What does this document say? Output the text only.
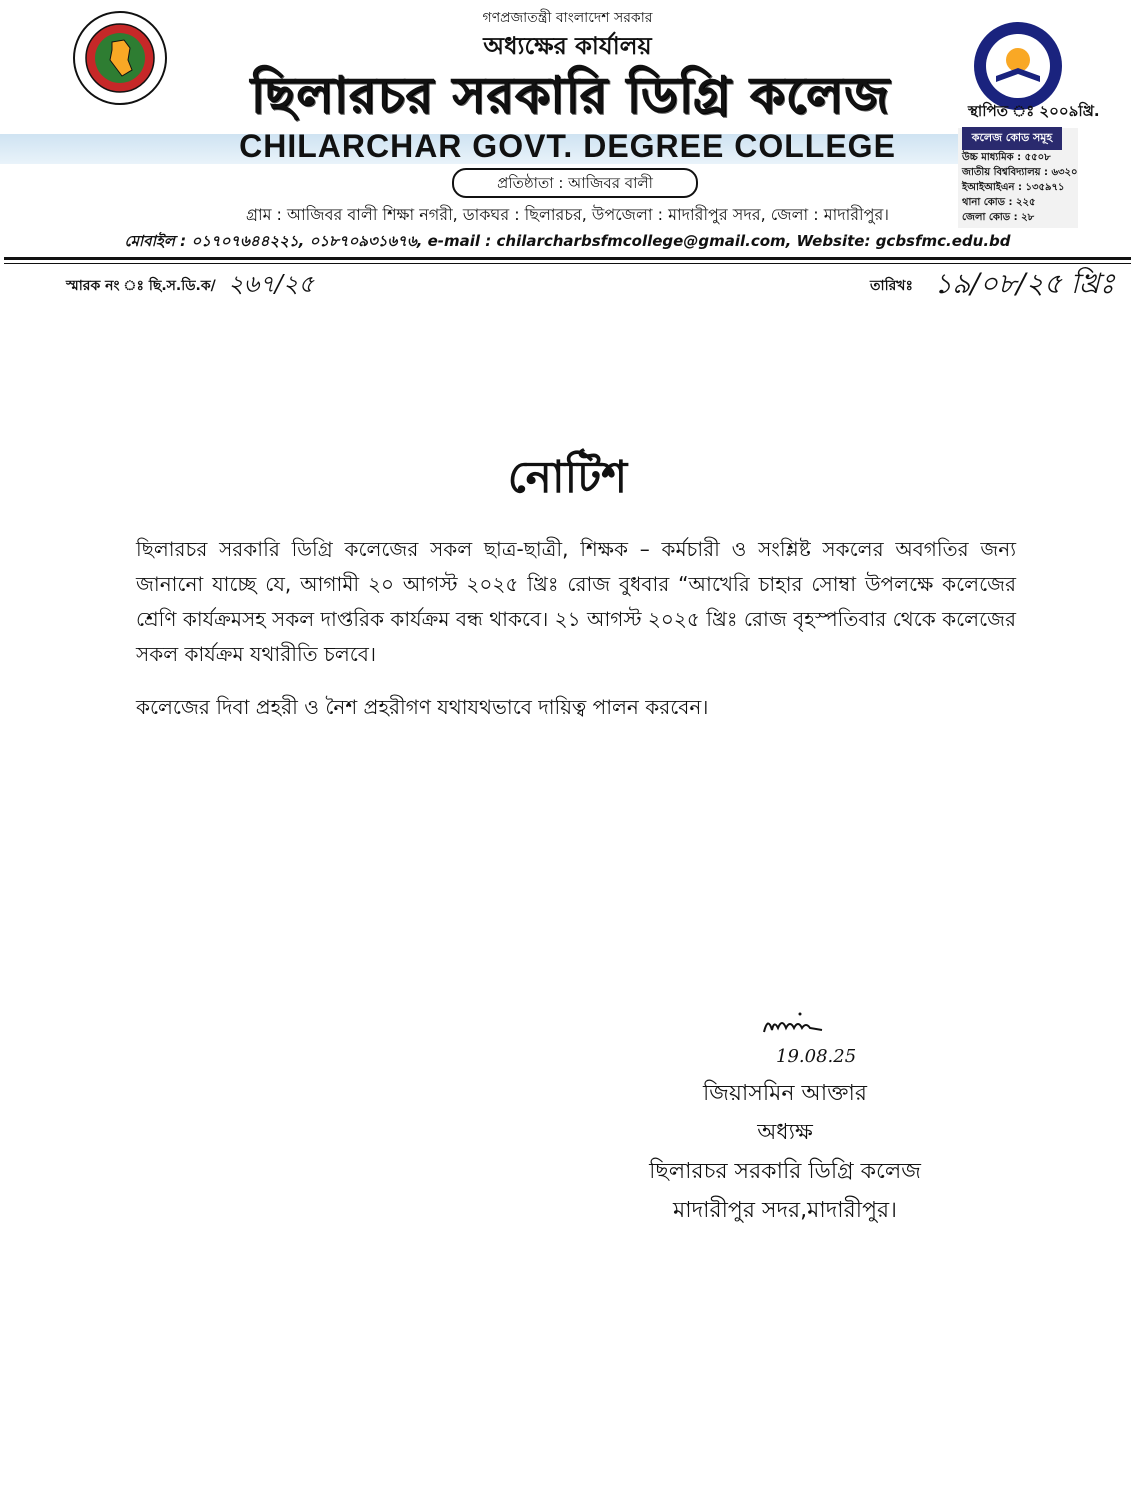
গণপ্রজাতন্ত্রী বাংলাদেশ সরকার
অধ্যক্ষের কার্যালয়
ছিলারচর সরকারি ডিগ্রি কলেজ	স্থাপিত ঃ ২০০৯খ্রি.
CHILARCHAR GOVT. DEGREE COLLEGE	কলেজ কোড সমূহ
উচ্চ মাধ্যমিক : ৫৫০৮
জাতীয় বিশ্ববিদ্যালয় : ৬৩২০
ইআইআইএন : ১৩৫৯৭১
থানা কোড : ২২৫
জেলা কোড : ২৮
প্রতিষ্ঠাতা : আজিবর বালী
গ্রাম : আজিবর বালী শিক্ষা নগরী, ডাকঘর : ছিলারচর, উপজেলা : মাদারীপুর সদর, জেলা : মাদারীপুর।
মোবাইল : ০১৭০৭৬৪৪২২১, ০১৮৭০৯৩১৬৭৬, e-mail : chilarcharbsfmcollege@gmail.com, Website: gcbsfmc.edu.bd
স্মারক নং ঃ ছি.স.ডি.ক/ ২৬৭/২৫	তারিখঃ ১৯/০৮/২৫ খ্রিঃ
নোটিশ
ছিলারচর সরকারি ডিগ্রি কলেজের সকল ছাত্র-ছাত্রী, শিক্ষক – কর্মচারী ও সংশ্লিষ্ট সকলের অবগতির জন্য জানানো যাচ্ছে যে, আগামী ২০ আগস্ট ২০২৫ খ্রিঃ রোজ বুধবার “আখেরি চাহার সোম্বা উপলক্ষে কলেজের শ্রেণি কার্যক্রমসহ সকল দাপ্তরিক কার্যক্রম বন্ধ থাকবে। ২১ আগস্ট ২০২৫ খ্রিঃ রোজ বৃহস্পতিবার থেকে কলেজের সকল কার্যক্রম যথারীতি চলবে।
কলেজের দিবা প্রহরী ও নৈশ প্রহরীগণ যথাযথভাবে দায়িত্ব পালন করবেন।
19.08.25
জিয়াসমিন আক্তার
অধ্যক্ষ
ছিলারচর সরকারি ডিগ্রি কলেজ
মাদারীপুর সদর,মাদারীপুর।
